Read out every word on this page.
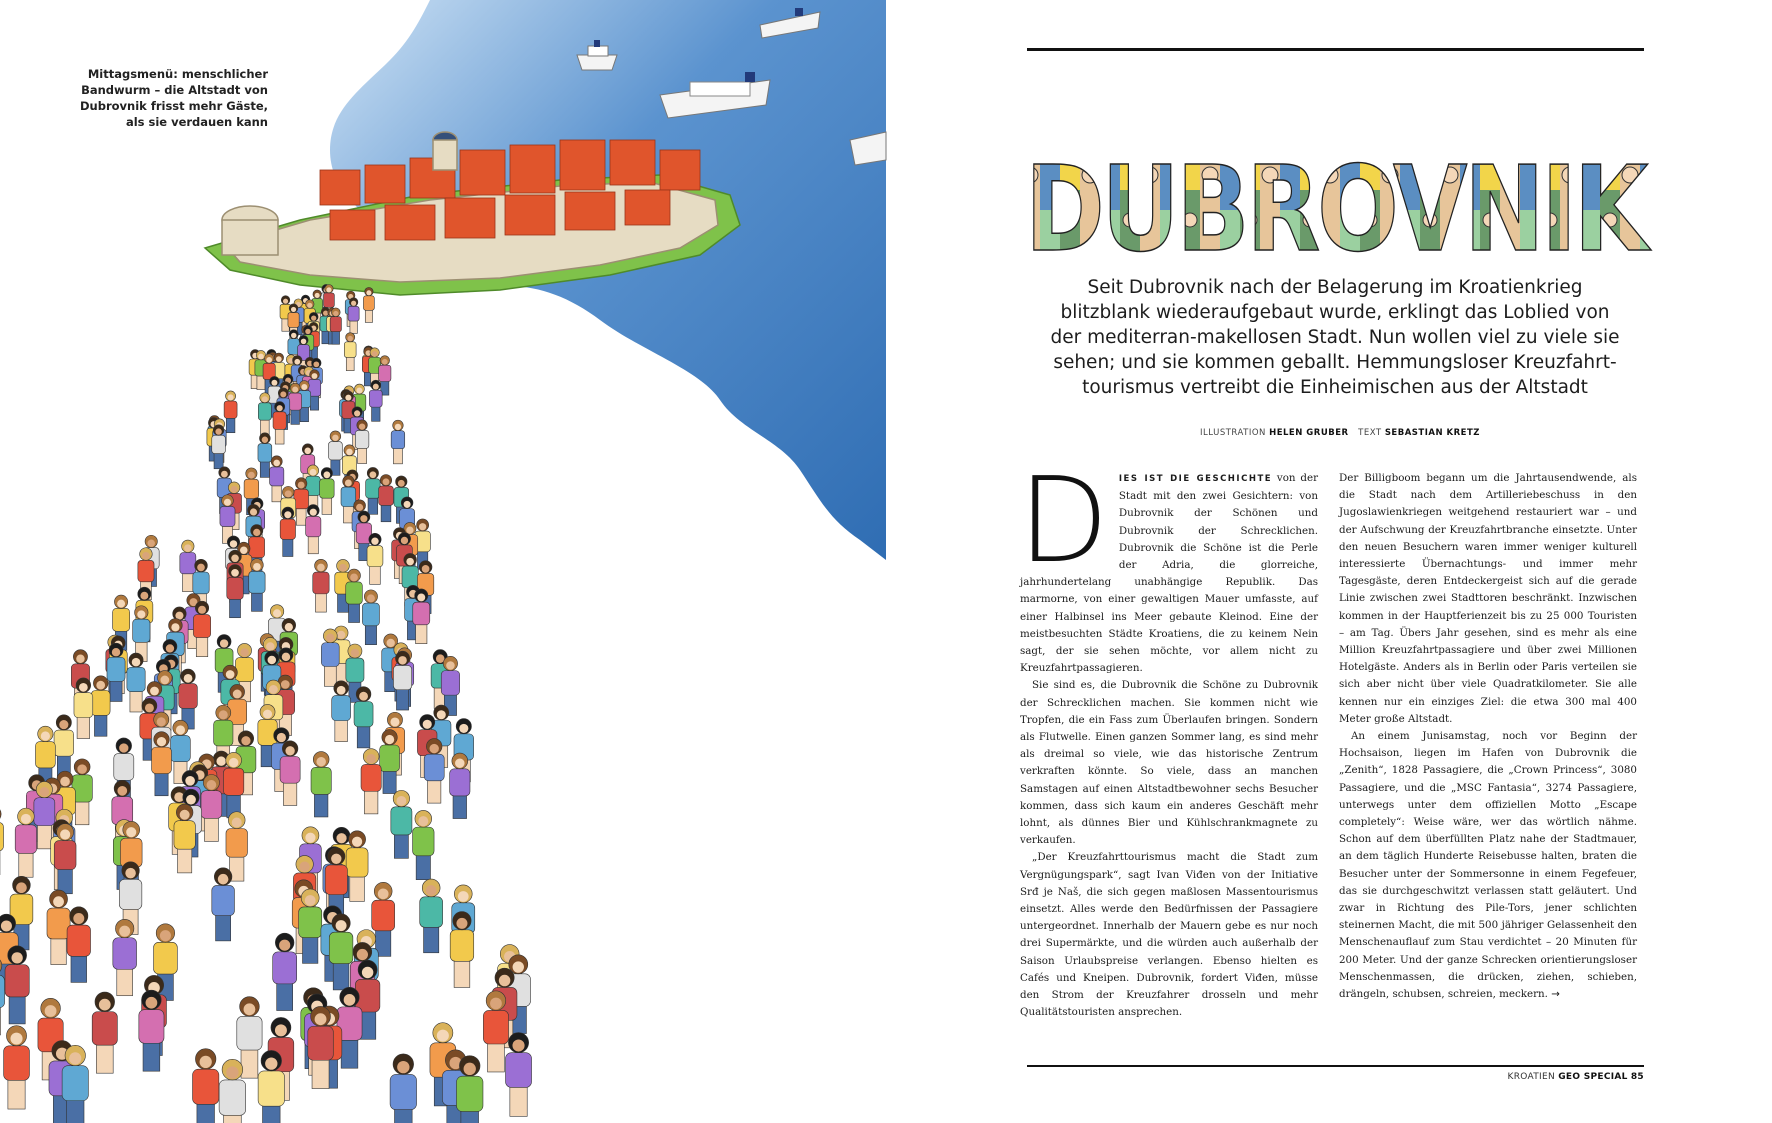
Mittagsmenü: menschlicher
Bandwurm – die Altstadt von
Dubrovnik frisst mehr Gäste,
als sie verdauen kann
DUBROVNIK
Seit Dubrovnik nach der Belagerung im Kroatienkrieg
blitzblank wiederaufgebaut wurde, erklingt das Loblied von
der mediterran-makellosen Stadt. Nun wollen viel zu viele sie
sehen; und sie kommen geballt. Hemmungsloser Kreuzfahrt-
tourismus vertreibt die Einheimischen aus der Altstadt
ILLUSTRATION HELEN GRUBER TEXT SEBASTIAN KRETZ
D	IES IST DIE GESCHICHTE von der Stadt mit den zwei Gesichtern: von Dubrovnik der Schönen und Dubrovnik der Schrecklichen. Dubrovnik die Schöne ist die Perle der Adria, die glorreiche, jahrhundertelang unabhängige Republik. Das marmorne, von einer gewaltigen Mauer umfasste, auf einer Halbinsel ins Meer gebaute Kleinod. Eine der meistbesuchten Städte Kroatiens, die zu keinem Nein sagt, der sie sehen möchte, vor allem nicht zu Kreuzfahrtpassagieren.

Sie sind es, die Dubrovnik die Schöne zu Dubrovnik der Schrecklichen machen. Sie kommen nicht wie Tropfen, die ein Fass zum Überlaufen bringen. Sondern als Flutwelle. Einen ganzen Sommer lang, es sind mehr als dreimal so viele, wie das historische Zentrum verkraften könnte. So viele, dass an manchen Samstagen auf einen Altstadtbewohner sechs Besucher kommen, dass sich kaum ein anderes Geschäft mehr lohnt, als dünnes Bier und Kühlschrankmagnete zu verkaufen.

„Der Kreuzfahrttourismus macht die Stadt zum Vergnügungspark“, sagt Ivan Viđen von der Initiative Srđ je Naš, die sich gegen maßlosen Massentourismus einsetzt. Alles werde den Bedürfnissen der Passagiere untergeordnet. Innerhalb der Mauern gebe es nur noch drei Supermärkte, und die würden auch außerhalb der Saison Urlaubspreise verlangen. Ebenso hielten es Cafés und Kneipen. Dubrovnik, fordert Viđen, müsse den Strom der Kreuzfahrer drosseln und mehr Qualitätstouristen ansprechen.

Der Billigboom begann um die Jahrtausendwende, als die Stadt nach dem Artilleriebeschuss in den Jugoslawienkriegen weitgehend restauriert war – und der Aufschwung der Kreuzfahrtbranche einsetzte. Unter den neuen Besuchern waren immer weniger kulturell interessierte Übernachtungs- und immer mehr Tagesgäste, deren Entdeckergeist sich auf die gerade Linie zwischen zwei Stadttoren beschränkt. Inzwischen kommen in der Hauptferienzeit bis zu 25 000 Touristen – am Tag. Übers Jahr gesehen, sind es mehr als eine Million Kreuzfahrtpassagiere und über zwei Millionen Hotelgäste. Anders als in Berlin oder Paris verteilen sie sich aber nicht über viele Quadratkilometer. Sie alle kennen nur ein einziges Ziel: die etwa 300 mal 400 Meter große Altstadt.

An einem Junisamstag, noch vor Beginn der Hochsaison, liegen im Hafen von Dubrovnik die „Zenith“, 1828 Passagiere, die „Crown Princess“, 3080 Passagiere, und die „MSC Fantasia“, 3274 Passagiere, unterwegs unter dem offiziellen Motto „Escape completely“: Weise wäre, wer das wörtlich nähme. Schon auf dem überfüllten Platz nahe der Stadtmauer, an dem täglich Hunderte Reisebusse halten, braten die Besucher unter der Sommersonne in einem Fegefeuer, das sie durchgeschwitzt verlassen statt geläutert. Und zwar in Richtung des Pile-Tors, jener schlichten steinernen Macht, die mit 500 jähriger Gelassenheit den Menschenauflauf zum Stau verdichtet – 20 Minuten für 200 Meter. Und der ganze Schrecken orientierungsloser Menschenmassen, die drücken, ziehen, schieben, drängeln, schubsen, schreien, meckern. →

KROATIEN GEO SPECIAL 85
